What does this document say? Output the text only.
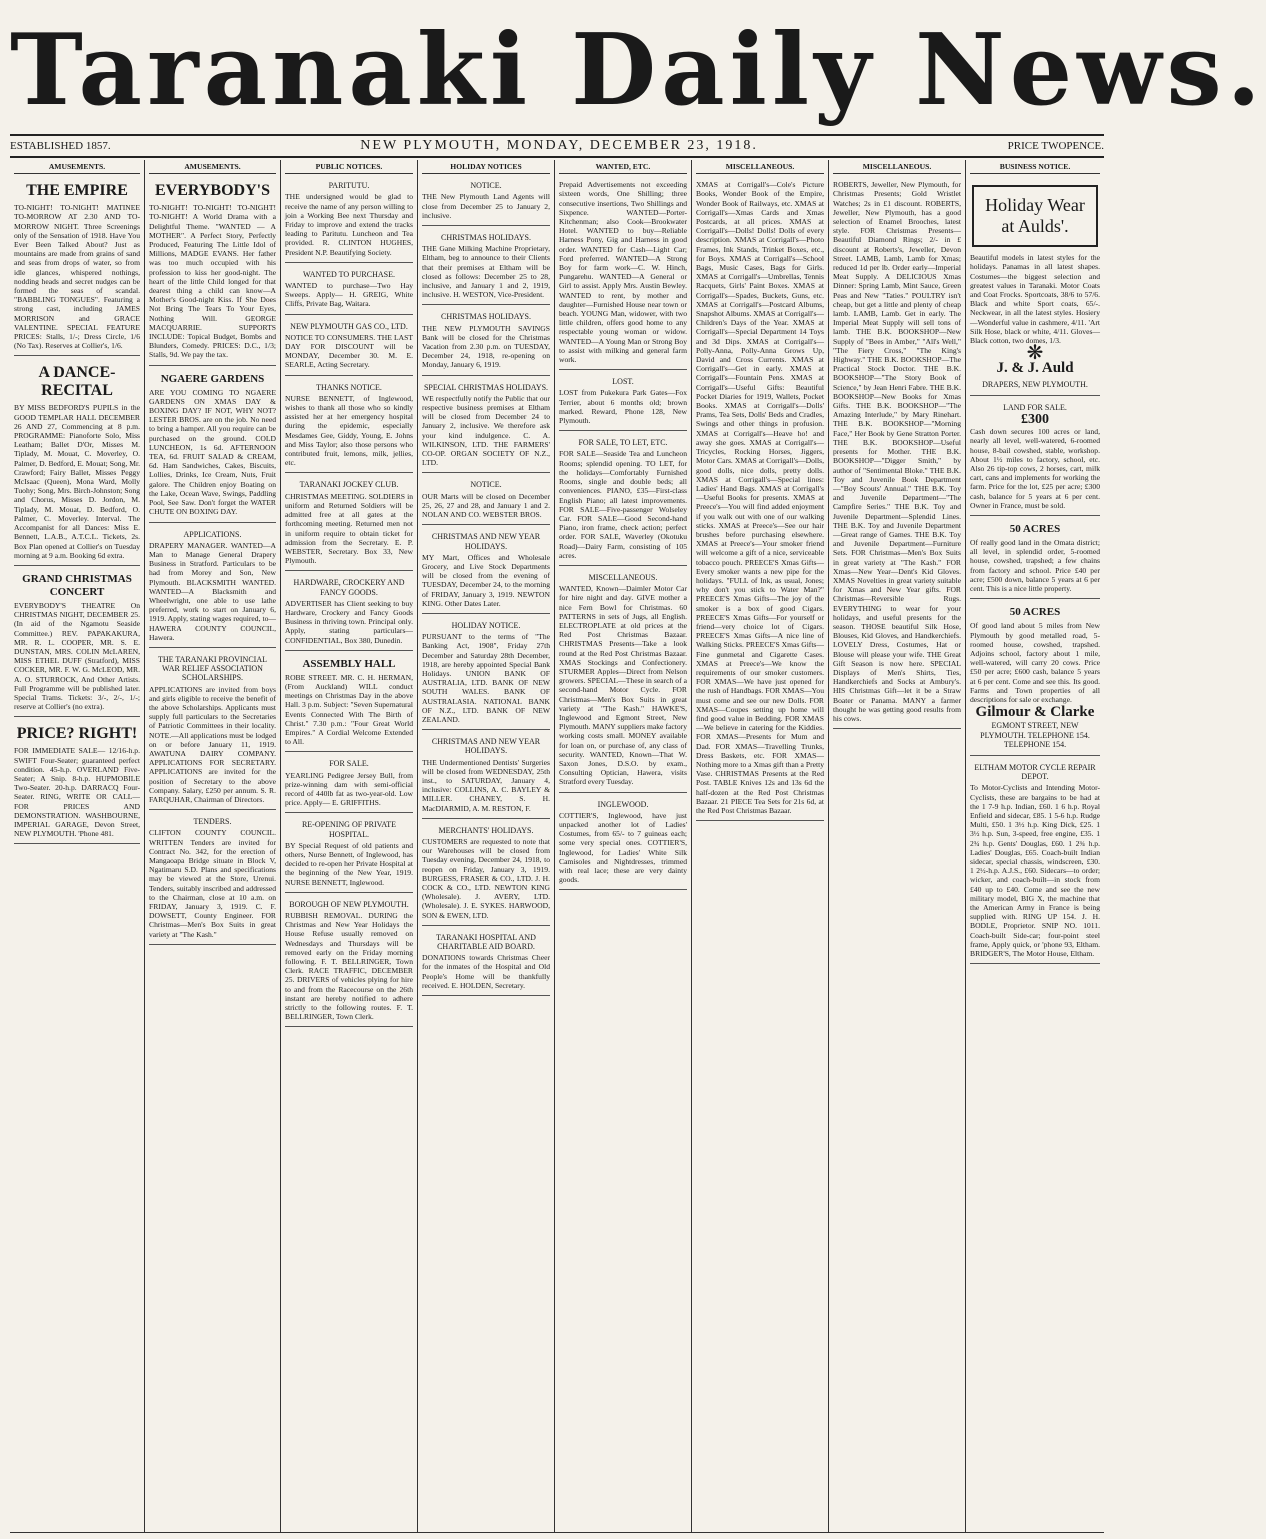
Taranaki Daily News.
ESTABLISHED 1857.	NEW PLYMOUTH, MONDAY, DECEMBER 23, 1918.	PRICE TWOPENCE.
AMUSEMENTS.
THE EMPIRE

TO-NIGHT! TO-NIGHT! MATINEE TO-MORROW AT 2.30 AND TO-MORROW NIGHT. Three Screenings only of the Sensation of 1918. Have You Ever Been Talked About? Just as mountains are made from grains of sand and seas from drops of water, so from idle glances, whispered nothings, nodding heads and secret nudges can be formed the seas of scandal. "BABBLING TONGUES". Featuring a strong cast, including JAMES MORRISON and GRACE VALENTINE. SPECIAL FEATURE PRICES: Stalls, 1/-; Dress Circle, 1/6 (No Tax). Reserves at Collier's, 1/6.

A DANCE-RECITAL

BY MISS BEDFORD'S PUPILS in the GOOD TEMPLAR HALL DECEMBER 26 AND 27, Commencing at 8 p.m. PROGRAMME: Pianoforte Solo, Miss Leatham; Ballet D'Or, Misses M. Tiplady, M. Mouat, C. Moverley, O. Palmer, D. Bedford, E. Mouat; Song, Mr. Crawford; Fairy Ballet, Misses Peggy McIsaac (Queen), Mona Ward, Molly Tuohy; Song, Mrs. Birch-Johnston; Song and Chorus, Misses D. Jordon, M. Tiplady, M. Mouat, D. Bedford, O. Palmer, C. Moverley. Interval. The Accompanist for all Dances: Miss E. Bennett, L.A.B., A.T.C.L. Tickets, 2s. Box Plan opened at Collier's on Tuesday morning at 9 a.m. Booking 6d extra.

GRAND CHRISTMAS CONCERT

EVERYBODY'S THEATRE On CHRISTMAS NIGHT, DECEMBER 25. (In aid of the Ngamotu Seaside Committee.) REV. PAPAKAKURA, MR. R. L. COOPER, MR. S. E. DUNSTAN, MRS. COLIN McLAREN, MISS ETHEL DUFF (Stratford), MISS COCKER, MR. F. W. G. McLEOD, MR. A. O. STURROCK, And Other Artists. Full Programme will be published later. Special Trams. Tickets: 3/-, 2/-, 1/-; reserve at Collier's (no extra).

PRICE? RIGHT!

FOR IMMEDIATE SALE— 12/16-h.p. SWIFT Four-Seater; guaranteed perfect condition. 45-h.p. OVERLAND Five-Seater; A Snip. 8-h.p. HUPMOBILE Two-Seater. 20-h.p. DARRACQ Four-Seater. RING, WRITE OR CALL— FOR PRICES AND DEMONSTRATION. WASHBOURNE, IMPERIAL GARAGE, Devon Street, NEW PLYMOUTH. 'Phone 481.

AMUSEMENTS.
EVERYBODY'S

TO-NIGHT! TO-NIGHT! TO-NIGHT! TO-NIGHT! A World Drama with a Delightful Theme. "WANTED — A MOTHER". A Perfect Story, Perfectly Produced, Featuring The Little Idol of Millions, MADGE EVANS. Her father was too much occupied with his profession to kiss her good-night. The heart of the little Child longed for that dearest thing a child can know—A Mother's Good-night Kiss. If She Does Not Bring The Tears To Your Eyes, Nothing Will. GEORGE MACQUARRIE. SUPPORTS INCLUDE: Topical Budget, Bombs and Blunders, Comedy. PRICES: D.C., 1/3; Stalls, 9d. We pay the tax.

NGAERE GARDENS

ARE YOU COMING TO NGAERE GARDENS ON XMAS DAY & BOXING DAY? IF NOT, WHY NOT? LESTER BROS. are on the job. No need to bring a hamper. All you require can be purchased on the ground. COLD LUNCHEON, 1s 6d. AFTERNOON TEA, 6d. FRUIT SALAD & CREAM, 6d. Ham Sandwiches, Cakes, Biscuits, Lollies, Drinks, Ice Cream, Nuts, Fruit galore. The Children enjoy Boating on the Lake, Ocean Wave, Swings, Paddling Pool, See Saw. Don't forget the WATER CHUTE ON BOXING DAY.

APPLICATIONS.

DRAPERY MANAGER. WANTED—A Man to Manage General Drapery Business in Stratford. Particulars to be had from Morey and Son, New Plymouth. BLACKSMITH WANTED. WANTED—A Blacksmith and Wheelwright, one able to use lathe preferred, work to start on January 6, 1919. Apply, stating wages required, to— HAWERA COUNTY COUNCIL, Hawera.

THE TARANAKI PROVINCIAL WAR RELIEF ASSOCIATION SCHOLARSHIPS.

APPLICATIONS are invited from boys and girls eligible to receive the benefit of the above Scholarships. Applicants must supply full particulars to the Secretaries of Patriotic Committees in their locality. NOTE.—All applications must be lodged on or before January 11, 1919. AWATUNA DAIRY COMPANY. APPLICATIONS FOR SECRETARY. APPLICATIONS are invited for the position of Secretary to the above Company. Salary, £250 per annum. S. R. FARQUHAR, Chairman of Directors.

TENDERS.

CLIFTON COUNTY COUNCIL. WRITTEN Tenders are invited for Contract No. 342, for the erection of Mangaoapa Bridge situate in Block V, Ngatimaru S.D. Plans and specifications may be viewed at the Store, Urenui. Tenders, suitably inscribed and addressed to the Chairman, close at 10 a.m. on FRIDAY, January 3, 1919. C. F. DOWSETT, County Engineer. FOR Christmas—Men's Box Suits in great variety at "The Kash."

PUBLIC NOTICES.
PARITUTU.

THE undersigned would be glad to receive the name of any person willing to join a Working Bee next Thursday and Friday to improve and extend the tracks leading to Paritutu. Luncheon and Tea provided. R. CLINTON HUGHES, President N.P. Beautifying Society.

WANTED TO PURCHASE.

WANTED to purchase—Two Hay Sweeps. Apply— H. GREIG, White Cliffs, Private Bag, Waitara.

NEW PLYMOUTH GAS CO., LTD.

NOTICE TO CONSUMERS. THE LAST DAY FOR DISCOUNT will be MONDAY, December 30. M. E. SEARLE, Acting Secretary.

THANKS NOTICE.

NURSE BENNETT, of Inglewood, wishes to thank all those who so kindly assisted her at her emergency hospital during the epidemic, especially Mesdames Gee, Giddy, Young, E. Johns and Miss Taylor; also those persons who contributed fruit, lemons, milk, jellies, etc.

TARANAKI JOCKEY CLUB.

CHRISTMAS MEETING. SOLDIERS in uniform and Returned Soldiers will be admitted free at all gates at the forthcoming meeting. Returned men not in uniform require to obtain ticket for admission from the Secretary. E. P. WEBSTER, Secretary. Box 33, New Plymouth.

HARDWARE, CROCKERY AND FANCY GOODS.

ADVERTISER has Client seeking to buy Hardware, Crockery and Fancy Goods Business in thriving town. Principal only. Apply, stating particulars— CONFIDENTIAL, Box 380, Dunedin.

ASSEMBLY HALL

ROBE STREET. MR. C. H. HERMAN, (From Auckland) WILL conduct meetings on Christmas Day in the above Hall. 3 p.m. Subject: "Seven Supernatural Events Connected With The Birth of Christ." 7.30 p.m.: "Four Great World Empires." A Cordial Welcome Extended to All.

FOR SALE.

YEARLING Pedigree Jersey Bull, from prize-winning dam with semi-official record of 440lb fat as two-year-old. Low price. Apply— E. GRIFFITHS.

RE-OPENING OF PRIVATE HOSPITAL.

BY Special Request of old patients and others, Nurse Bennett, of Inglewood, has decided to re-open her Private Hospital at the beginning of the New Year, 1919. NURSE BENNETT, Inglewood.

BOROUGH OF NEW PLYMOUTH.

RUBBISH REMOVAL. DURING the Christmas and New Year Holidays the House Refuse usually removed on Wednesdays and Thursdays will be removed early on the Friday morning following. F. T. BELLRINGER, Town Clerk. RACE TRAFFIC, DECEMBER 25. DRIVERS of vehicles plying for hire to and from the Racecourse on the 26th instant are hereby notified to adhere strictly to the following routes. F. T. BELLRINGER, Town Clerk.

HOLIDAY NOTICES
NOTICE.

THE New Plymouth Land Agents will close from December 25 to January 2, inclusive.

CHRISTMAS HOLIDAYS.

THE Gane Milking Machine Proprietary, Eltham, beg to announce to their Clients that their premises at Eltham will be closed as follows: December 25 to 28, inclusive, and January 1 and 2, 1919, inclusive. H. WESTON, Vice-President.

CHRISTMAS HOLIDAYS.

THE NEW PLYMOUTH SAVINGS Bank will be closed for the Christmas Vacation from 2.30 p.m. on TUESDAY, December 24, 1918, re-opening on Monday, January 6, 1919.

SPECIAL CHRISTMAS HOLIDAYS.

WE respectfully notify the Public that our respective business premises at Eltham will be closed from December 24 to January 2, inclusive. We therefore ask your kind indulgence. C. A. WILKINSON, LTD. THE FARMERS' CO-OP. ORGAN SOCIETY OF N.Z., LTD.

NOTICE.

OUR Marts will be closed on December 25, 26, 27 and 28, and January 1 and 2. NOLAN AND CO. WEBSTER BROS.

CHRISTMAS AND NEW YEAR HOLIDAYS.

MY Mart, Offices and Wholesale Grocery, and Live Stock Departments will be closed from the evening of TUESDAY, December 24, to the morning of FRIDAY, January 3, 1919. NEWTON KING. Other Dates Later.

HOLIDAY NOTICE.

PURSUANT to the terms of "The Banking Act, 1908", Friday 27th December and Saturday 28th December, 1918, are hereby appointed Special Bank Holidays. UNION BANK OF AUSTRALIA, LTD. BANK OF NEW SOUTH WALES. BANK OF AUSTRALASIA. NATIONAL BANK OF N.Z., LTD. BANK OF NEW ZEALAND.

CHRISTMAS AND NEW YEAR HOLIDAYS.

THE Undermentioned Dentists' Surgeries will be closed from WEDNESDAY, 25th inst., to SATURDAY, January 4, inclusive: COLLINS, A. C. BAYLEY & MILLER. CHANEY, S. H. MacDIARMID, A. M. RESTON, F.

MERCHANTS' HOLIDAYS.

CUSTOMERS are requested to note that our Warehouses will be closed from Tuesday evening, December 24, 1918, to reopen on Friday, January 3, 1919. BURGESS, FRASER & CO., LTD. J. H. COCK & CO., LTD. NEWTON KING (Wholesale). J. AVERY, LTD. (Wholesale). J. E. SYKES. HARWOOD, SON & EWEN, LTD.

TARANAKI HOSPITAL AND CHARITABLE AID BOARD.

DONATIONS towards Christmas Cheer for the inmates of the Hospital and Old People's Home will be thankfully received. E. HOLDEN, Secretary.

WANTED, ETC.

Prepaid Advertisements not exceeding sixteen words, One Shilling; three consecutive insertions, Two Shillings and Sixpence. WANTED—Porter-Kitchenman; also Cook—Brookwater Hotel. WANTED to buy—Reliable Harness Pony, Gig and Harness in good order. WANTED for Cash—Light Car; Ford preferred. WANTED—A Strong Boy for farm work—C. W. Hinch, Pungarehu. WANTED—A General or Girl to assist. Apply Mrs. Austin Bewley. WANTED to rent, by mother and daughter—Furnished House near town or beach. YOUNG Man, widower, with two little children, offers good home to any respectable young woman or widow. WANTED—A Young Man or Strong Boy to assist with milking and general farm work.

LOST.

LOST from Pukekura Park Gates—Fox Terrier, about 6 months old; brown marked. Reward, Phone 128, New Plymouth.

FOR SALE, TO LET, ETC.

FOR SALE—Seaside Tea and Luncheon Rooms; splendid opening. TO LET, for the holidays—Comfortably Furnished Rooms, single and double beds; all conveniences. PIANO, £35—First-class English Piano; all latest improvements. FOR SALE—Five-passenger Wolseley Car. FOR SALE—Good Second-hand Piano, iron frame, check action; perfect order. FOR SALE, Waverley (Okotuku Road)—Dairy Farm, consisting of 105 acres.

MISCELLANEOUS.

WANTED, Known—Daimler Motor Car for hire night and day. GIVE mother a nice Fern Bowl for Christmas. 60 PATTERNS in sets of Jugs, all English. ELECTROPLATE at old prices at the Red Post Christmas Bazaar. CHRISTMAS Presents—Take a look round at the Red Post Christmas Bazaar. XMAS Stockings and Confectionery. STURMER Apples—Direct from Nelson growers. SPECIAL—These in search of a second-hand Motor Cycle. FOR Christmas—Men's Box Suits in great variety at "The Kash." HAWKE'S, Inglewood and Egmont Street, New Plymouth. MANY suppliers make factory working costs small. MONEY available for loan on, or purchase of, any class of security. WANTED, Known—That W. Saxon Jones, D.S.O. by exam., Consulting Optician, Hawera, visits Stratford every Tuesday.

INGLEWOOD.

COTTIER'S, Inglewood, have just unpacked another lot of Ladies' Costumes, from 65/- to 7 guineas each; some very special ones. COTTIER'S, Inglewood, for Ladies' White Silk Camisoles and Nightdresses, trimmed with real lace; these are very dainty goods.

MISCELLANEOUS.

XMAS at Corrigall's—Cole's Picture Books, Wonder Book of the Empire, Wonder Book of Railways, etc. XMAS at Corrigall's—Xmas Cards and Xmas Postcards, at all prices. XMAS at Corrigall's—Dolls! Dolls! Dolls of every description. XMAS at Corrigall's—Photo Frames, Ink Stands, Trinket Boxes, etc., for Boys. XMAS at Corrigall's—School Bags, Music Cases, Bags for Girls. XMAS at Corrigall's—Umbrellas, Tennis Racquets, Girls' Paint Boxes. XMAS at Corrigall's—Spades, Buckets, Guns, etc. XMAS at Corrigall's—Postcard Albums, Snapshot Albums. XMAS at Corrigall's—Children's Days of the Year. XMAS at Corrigall's—Special Department 14 Toys and 3d Dips. XMAS at Corrigall's—Polly-Anna, Polly-Anna Grows Up, David and Cross Currents. XMAS at Corrigall's—Get in early. XMAS at Corrigall's—Fountain Pens. XMAS at Corrigall's—Useful Gifts: Beautiful Pocket Diaries for 1919, Wallets, Pocket Books. XMAS at Corrigall's—Dolls' Prams, Tea Sets, Dolls' Beds and Cradles, Swings and other things in profusion. XMAS at Corrigall's—Heave ho! and away she goes. XMAS at Corrigall's—Tricycles, Rocking Horses, Jiggers, Motor Cars. XMAS at Corrigall's—Dolls, good dolls, nice dolls, pretty dolls. XMAS at Corrigall's—Special lines: Ladies' Hand Bags. XMAS at Corrigall's—Useful Books for presents. XMAS at Preece's—You will find added enjoyment if you walk out with one of our walking sticks. XMAS at Preece's—See our hair brushes before purchasing elsewhere. XMAS at Preece's—Your smoker friend will welcome a gift of a nice, serviceable tobacco pouch. PREECE'S Xmas Gifts—Every smoker wants a new pipe for the holidays. "FULL of Ink, as usual, Jones; why don't you stick to Water Man?" PREECE'S Xmas Gifts—The joy of the smoker is a box of good Cigars. PREECE'S Xmas Gifts—For yourself or friend—very choice lot of Cigars. PREECE'S Xmas Gifts—A nice line of Walking Sticks. PREECE'S Xmas Gifts—Fine gunmetal and Cigarette Cases. XMAS at Preece's—We know the requirements of our smoker customers. FOR XMAS—We have just opened for the rush of Handbags. FOR XMAS—You must come and see our new Dolls. FOR XMAS—Coupes setting up home will find good value in Bedding. FOR XMAS—We believe in catering for the Kiddies. FOR XMAS—Presents for Mum and Dad. FOR XMAS—Travelling Trunks, Dress Baskets, etc. FOR XMAS—Nothing more to a Xmas gift than a Pretty Vase. CHRISTMAS Presents at the Red Post. TABLE Knives 12s and 13s 6d the half-dozen at the Red Post Christmas Bazaar. 21 PIECE Tea Sets for 21s 6d, at the Red Post Christmas Bazaar.

MISCELLANEOUS.

ROBERTS, Jeweller, New Plymouth, for Christmas Presents; Gold Wristlet Watches; 2s in £1 discount. ROBERTS, Jeweller, New Plymouth, has a good selection of Enamel Brooches, latest style. FOR Christmas Presents—Beautiful Diamond Rings; 2/- in £ discount at Roberts's, Jeweller, Devon Street. LAMB, Lamb, Lamb for Xmas; reduced 1d per lb. Order early—Imperial Meat Supply. A DELICIOUS Xmas Dinner: Spring Lamb, Mint Sauce, Green Peas and New "Taties." POULTRY isn't cheap, but get a little and plenty of cheap lamb. LAMB, Lamb. Get in early. The Imperial Meat Supply will sell tons of lamb. THE B.K. BOOKSHOP—New Supply of "Bees in Amber," "All's Well," "The Fiery Cross," "The King's Highway." THE B.K. BOOKSHOP—The Practical Stock Doctor. THE B.K. BOOKSHOP—"The Story Book of Science," by Jean Henri Fabre. THE B.K. BOOKSHOP—New Books for Xmas Gifts. THE B.K. BOOKSHOP—"The Amazing Interlude," by Mary Rinehart. THE B.K. BOOKSHOP—"Morning Face," Her Book by Gene Stratton Porter. THE B.K. BOOKSHOP—Useful presents for Mother. THE B.K. BOOKSHOP—"Digger Smith," by author of "Sentimental Bloke." THE B.K. Toy and Juvenile Book Department—"Boy Scouts' Annual." THE B.K. Toy and Juvenile Department—"The Campfire Series." THE B.K. Toy and Juvenile Department—Splendid Lines. THE B.K. Toy and Juvenile Department—Great range of Games. THE B.K. Toy and Juvenile Department—Furniture Sets. FOR Christmas—Men's Box Suits in great variety at "The Kash." FOR Xmas—New Year—Dent's Kid Gloves. XMAS Novelties in great variety suitable for Xmas and New Year gifts. FOR Christmas—Reversible Rugs. EVERYTHING to wear for your holidays, and useful presents for the season. THOSE beautiful Silk Hose, Blouses, Kid Gloves, and Handkerchiefs. LOVELY Dress, Costumes, Hat or Blouse will please your wife. THE Great Gift Season is now here. SPECIAL Displays of Men's Shirts, Ties, Handkerchiefs and Socks at Ambury's. HIS Christmas Gift—let it be a Straw Boater or Panama. MANY a farmer thought he was getting good results from his cows.

BUSINESS NOTICE.
Holiday Wear
at Aulds'.

Beautiful models in latest styles for the holidays. Panamas in all latest shapes. Costumes—the biggest selection and greatest values in Taranaki. Motor Coats and Coat Frocks. Sportcoats, 38/6 to 57/6. Black and white Sport coats, 65/-. Neckwear, in all the latest styles. Hosiery—Wonderful value in cashmere, 4/11. 'Art Silk Hose, black or white, 4/11. Gloves—Black cotton, two domes, 1/3.

❋
J. & J. Auld
DRAPERS, NEW PLYMOUTH.
LAND FOR SALE.
£300

Cash down secures 100 acres or land, nearly all level, well-watered, 6-roomed house, 8-bail cowshed, stable, workshop. About 1½ miles to factory, school, etc. Also 26 tip-top cows, 2 horses, cart, milk cart, cans and implements for working the farm. Price for the lot, £25 per acre; £300 cash, balance for 5 years at 6 per cent. Owner in France, must be sold.

50 ACRES

Of really good land in the Omata district; all level, in splendid order, 5-roomed house, cowshed, trapshed; a few chains from factory and school. Price £40 per acre; £500 down, balance 5 years at 6 per cent. This is a nice little property.

50 ACRES

Of good land about 5 miles from New Plymouth by good metalled road, 5-roomed house, cowshed, trapshed. Adjoins school, factory about 1 mile, well-watered, will carry 20 cows. Price £50 per acre; £600 cash, balance 5 years at 6 per cent. Come and see this. Its good. Farms and Town properties of all descriptions for sale or exchange.

Gilmour & Clarke
EGMONT STREET, NEW PLYMOUTH. TELEPHONE 154. TELEPHONE 154.
ELTHAM MOTOR CYCLE REPAIR DEPOT.

To Motor-Cyclists and Intending Motor-Cyclists, these are bargains to be had at the 1 7-9 h.p. Indian, £60. 1 6 h.p. Royal Enfield and sidecar, £85. 1 5-6 h.p. Rudge Multi, £50. 1 3½ h.p. King Dick, £25. 1 3½ h.p. Sun, 3-speed, free engine, £35. 1 2¾ h.p. Gents' Douglas, £60. 1 2¾ h.p. Ladies' Douglas, £65. Coach-built Indian sidecar, special chassis, windscreen, £30. 1 2½-h.p. A.J.S., £60. Sidecars—to order; wicker, and coach-built—in stock from £40 up to £40. Come and see the new military model, BIG X, the machine that the American Army in France is being supplied with. RING UP 154. J. H. BODLE, Proprietor. SNIP NO. 1011. Coach-built Side-car; four-point steel frame, Apply quick, or 'phone 93, Eltham. BRIDGER'S, The Motor House, Eltham.
